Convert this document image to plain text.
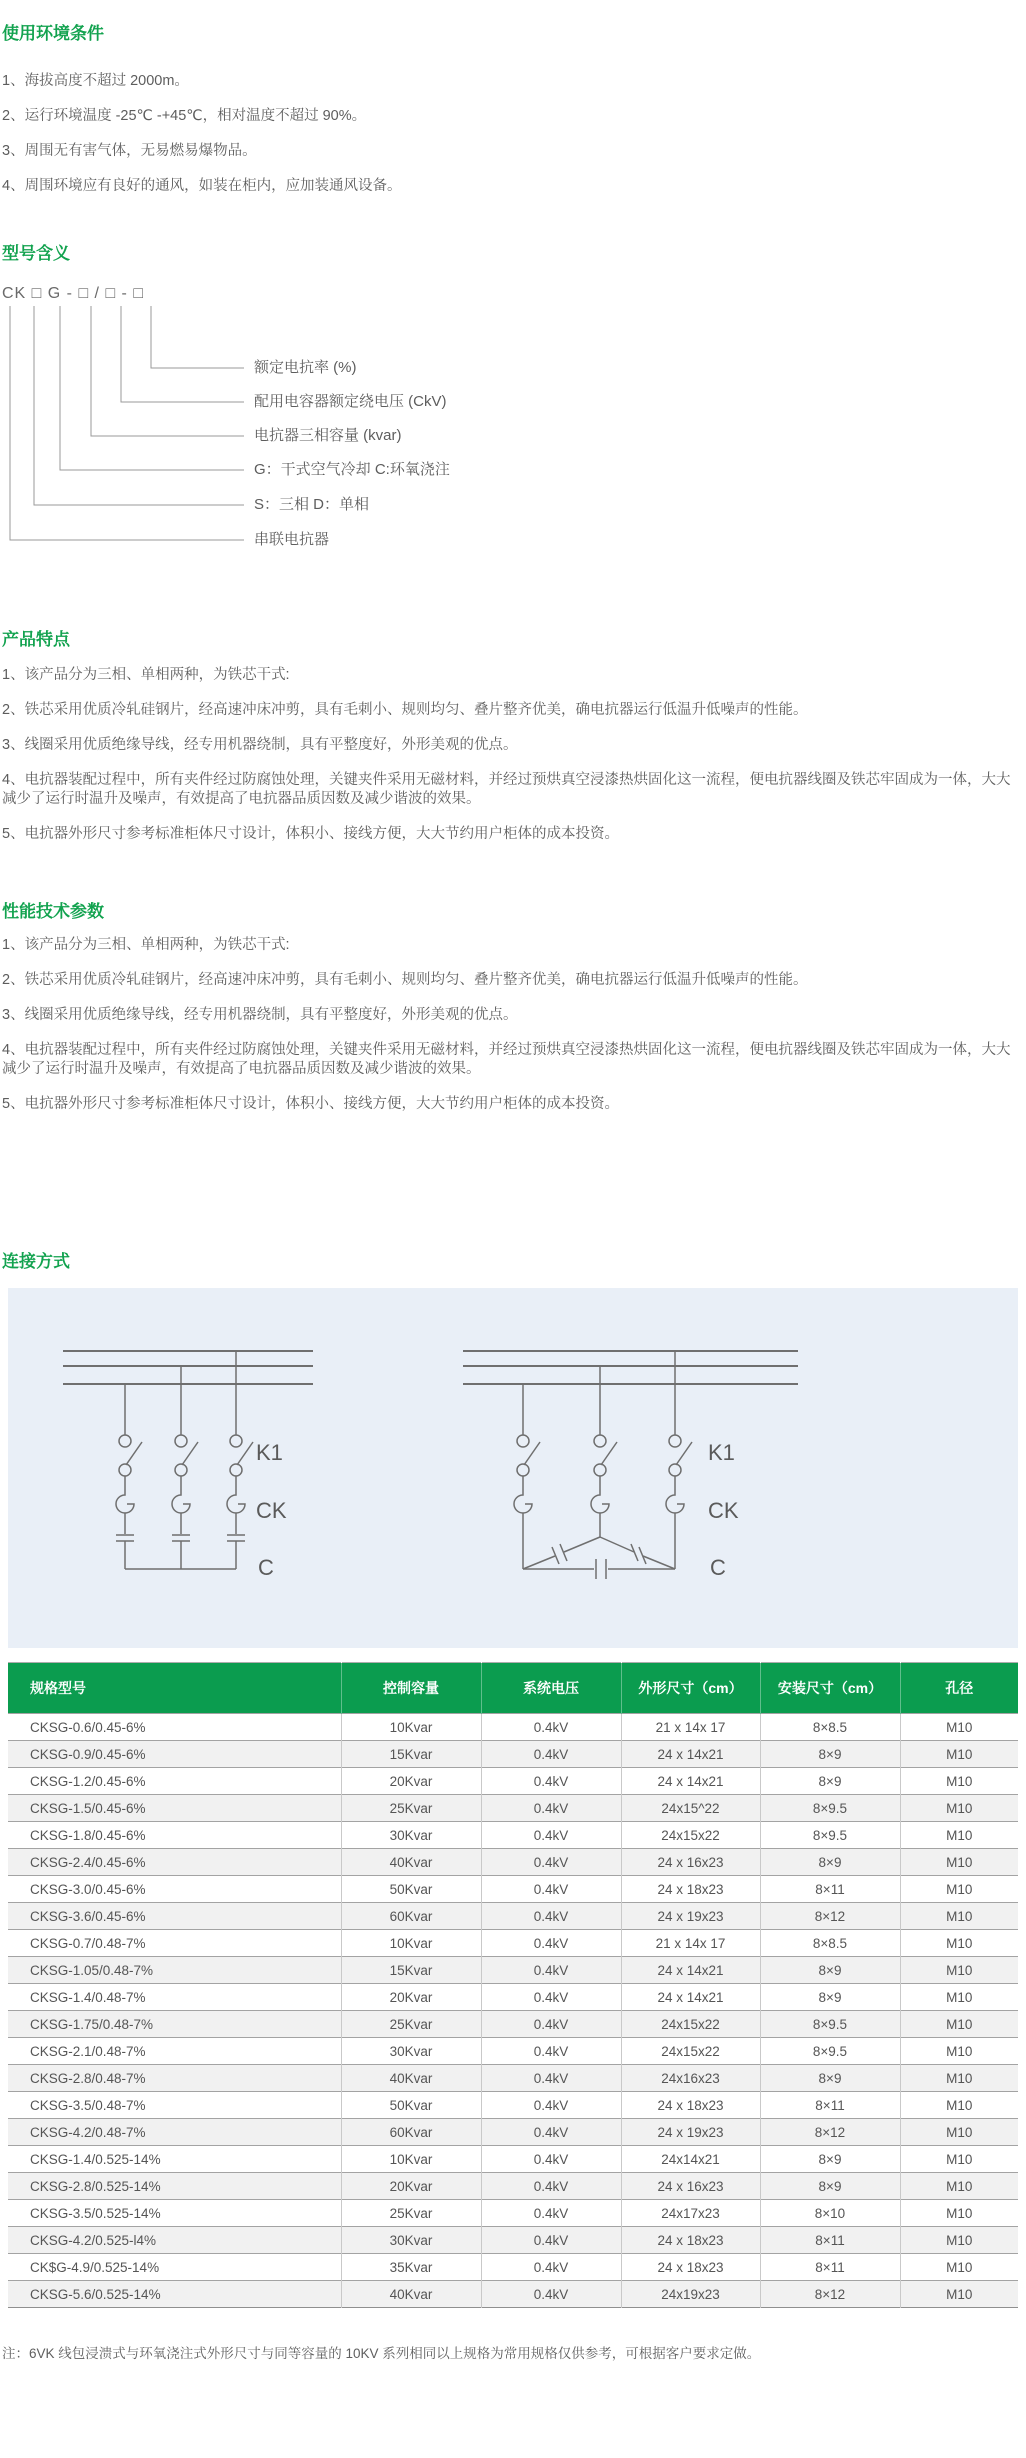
使用环境条件

1、海拔高度不超过 2000m。

2、运行环境温度 -25℃ -+45℃，相对温度不超过 90%。

3、周围无有害气体，无易燃易爆物品。

4、周围环境应有良好的通风，如装在柜内，应加装通风设备。

型号含义
CK □ G - □ / □ - □
额定电抗率 (%)
配用电容器额定绕电压 (CkV)
电抗器三相容量 (kvar)
G：干式空气冷却 C:环氧浇注
S：三相 D：单相
串联电抗器
产品特点

1、该产品分为三相、单相两种，为铁芯干式:

2、铁芯采用优质冷轧硅钢片，经高速冲床冲剪，具有毛刺小、规则均匀、叠片整齐优美，确电抗器运行低温升低噪声的性能。

3、线圈采用优质绝缘导线，经专用机器绕制，具有平整度好，外形美观的优点。

4、电抗器装配过程中，所有夹件经过防腐蚀处理，关键夹件采用无磁材料，并经过预烘真空浸漆热烘固化这一流程，便电抗器线圈及铁芯牢固成为一体，大大减少了运行时温升及噪声，有效提高了电抗器品质因数及减少谐波的效果。

5、电抗器外形尺寸参考标准柜体尺寸设计，体积小、接线方便，大大节约用户柜体的成本投资。

性能技术参数

1、该产品分为三相、单相两种，为铁芯干式:

2、铁芯采用优质冷轧硅钢片，经高速冲床冲剪，具有毛刺小、规则均匀、叠片整齐优美，确电抗器运行低温升低噪声的性能。

3、线圈采用优质绝缘导线，经专用机器绕制，具有平整度好，外形美观的优点。

4、电抗器装配过程中，所有夹件经过防腐蚀处理，关键夹件采用无磁材料，并经过预烘真空浸漆热烘固化这一流程，便电抗器线圈及铁芯牢固成为一体，大大减少了运行时温升及噪声，有效提高了电抗器品质因数及减少谐波的效果。

5、电抗器外形尺寸参考标准柜体尺寸设计，体积小、接线方便，大大节约用户柜体的成本投资。

连接方式
K1
CK
C
K1
CK
C
规格型号	控制容量	系统电压	外形尺寸（cm）	安装尺寸（cm）	孔径
CKSG-0.6/0.45-6%	10Kvar	0.4kV	21 x 14x 17	8×8.5	M10
CKSG-0.9/0.45-6%	15Kvar	0.4kV	24 x 14x21	8×9	M10
CKSG-1.2/0.45-6%	20Kvar	0.4kV	24 x 14x21	8×9	M10
CKSG-1.5/0.45-6%	25Kvar	0.4kV	24x15^22	8×9.5	M10
CKSG-1.8/0.45-6%	30Kvar	0.4kV	24x15x22	8×9.5	M10
CKSG-2.4/0.45-6%	40Kvar	0.4kV	24 x 16x23	8×9	M10
CKSG-3.0/0.45-6%	50Kvar	0.4kV	24 x 18x23	8×11	M10
CKSG-3.6/0.45-6%	60Kvar	0.4kV	24 x 19x23	8×12	M10
CKSG-0.7/0.48-7%	10Kvar	0.4kV	21 x 14x 17	8×8.5	M10
CKSG-1.05/0.48-7%	15Kvar	0.4kV	24 x 14x21	8×9	M10
CKSG-1.4/0.48-7%	20Kvar	0.4kV	24 x 14x21	8×9	M10
CKSG-1.75/0.48-7%	25Kvar	0.4kV	24x15x22	8×9.5	M10
CKSG-2.1/0.48-7%	30Kvar	0.4kV	24x15x22	8×9.5	M10
CKSG-2.8/0.48-7%	40Kvar	0.4kV	24x16x23	8×9	M10
CKSG-3.5/0.48-7%	50Kvar	0.4kV	24 x 18x23	8×11	M10
CKSG-4.2/0.48-7%	60Kvar	0.4kV	24 x 19x23	8×12	M10
CKSG-1.4/0.525-14%	10Kvar	0.4kV	24x14x21	8×9	M10
CKSG-2.8/0.525-14%	20Kvar	0.4kV	24 x 16x23	8×9	M10
CKSG-3.5/0.525-14%	25Kvar	0.4kV	24x17x23	8×10	M10
CKSG-4.2/0.525-l4%	30Kvar	0.4kV	24 x 18x23	8×11	M10
CK$G-4.9/0.525-14%	35Kvar	0.4kV	24 x 18x23	8×11	M10
CKSG-5.6/0.525-14%	40Kvar	0.4kV	24x19x23	8×12	M10

注：6VK 线包浸溃式与环氧浇注式外形尺寸与同等容量的 10KV 系列相同以上规格为常用规格仅供参考，可根据客户要求定做。
